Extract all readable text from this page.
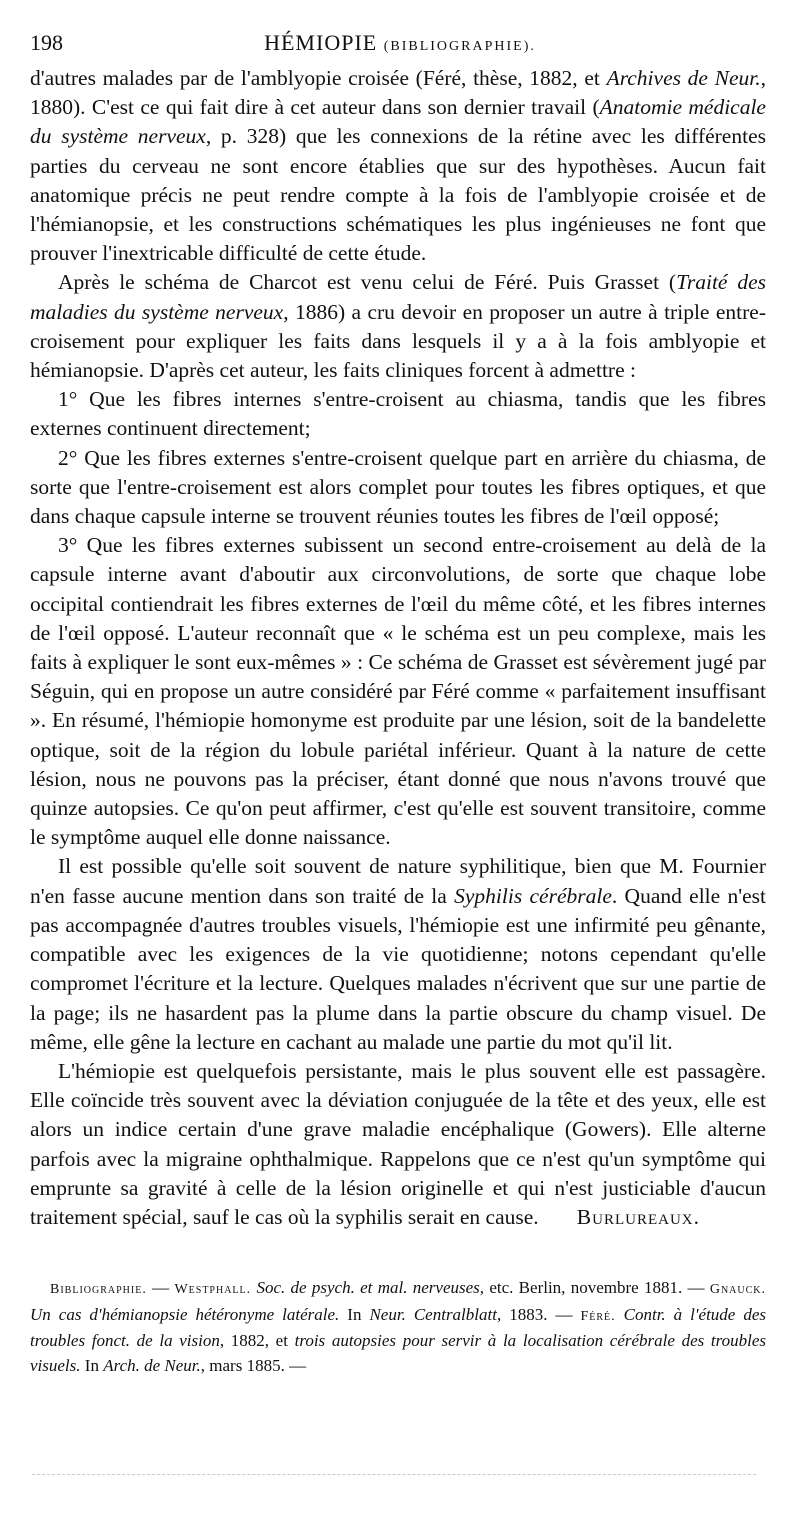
198	HÉMIOPIE (BIBLIOGRAPHIE).

d'autres malades par de l'amblyopie croisée (Féré, thèse, 1882, et Archives de Neur., 1880). C'est ce qui fait dire à cet auteur dans son dernier travail (Anatomie médicale du système nerveux, p. 328) que les connexions de la rétine avec les différentes parties du cerveau ne sont encore établies que sur des hypothèses. Aucun fait anatomique précis ne peut rendre compte à la fois de l'amblyopie croisée et de l'hémianopsie, et les constructions schématiques les plus ingénieuses ne font que prouver l'inextricable difficulté de cette étude.

Après le schéma de Charcot est venu celui de Féré. Puis Grasset (Traité des maladies du système nerveux, 1886) a cru devoir en proposer un autre à triple entre-croisement pour expliquer les faits dans lesquels il y a à la fois amblyopie et hémianopsie. D'après cet auteur, les faits cliniques forcent à admettre :

1° Que les fibres internes s'entre-croisent au chiasma, tandis que les fibres externes continuent directement;

2° Que les fibres externes s'entre-croisent quelque part en arrière du chiasma, de sorte que l'entre-croisement est alors complet pour toutes les fibres optiques, et que dans chaque capsule interne se trouvent réunies toutes les fibres de l'œil opposé;

3° Que les fibres externes subissent un second entre-croisement au delà de la capsule interne avant d'aboutir aux circonvolutions, de sorte que chaque lobe occipital contiendrait les fibres externes de l'œil du même côté, et les fibres internes de l'œil opposé. L'auteur reconnaît que « le schéma est un peu complexe, mais les faits à expliquer le sont eux-mêmes » : Ce schéma de Grasset est sévèrement jugé par Séguin, qui en propose un autre considéré par Féré comme « parfaitement insuffisant ». En résumé, l'hémiopie homonyme est produite par une lésion, soit de la bandelette optique, soit de la région du lobule pariétal inférieur. Quant à la nature de cette lésion, nous ne pouvons pas la préciser, étant donné que nous n'avons trouvé que quinze autopsies. Ce qu'on peut affirmer, c'est qu'elle est souvent transitoire, comme le symptôme auquel elle donne naissance.

Il est possible qu'elle soit souvent de nature syphilitique, bien que M. Fournier n'en fasse aucune mention dans son traité de la Syphilis cérébrale. Quand elle n'est pas accompagnée d'autres troubles visuels, l'hémiopie est une infirmité peu gênante, compatible avec les exigences de la vie quotidienne; notons cependant qu'elle compromet l'écriture et la lecture. Quelques malades n'écrivent que sur une partie de la page; ils ne hasardent pas la plume dans la partie obscure du champ visuel. De même, elle gêne la lecture en cachant au malade une partie du mot qu'il lit.

L'hémiopie est quelquefois persistante, mais le plus souvent elle est passagère. Elle coïncide très souvent avec la déviation conjuguée de la tête et des yeux, elle est alors un indice certain d'une grave maladie encéphalique (Gowers). Elle alterne parfois avec la migraine ophthalmique. Rappelons que ce n'est qu'un symptôme qui emprunte sa gravité à celle de la lésion originelle et qui n'est justiciable d'aucun traitement spécial, sauf le cas où la syphilis serait en cause.	Burlureaux.

Bibliographie. — Westphall. Soc. de psych. et mal. nerveuses, etc. Berlin, novembre 1881. — Gnauck. Un cas d'hémianopsie hétéronyme latérale. In Neur. Centralblatt, 1883. — Féré. Contr. à l'étude des troubles fonct. de la vision, 1882, et trois autopsies pour servir à la localisation cérébrale des troubles visuels. In Arch. de Neur., mars 1885. —
